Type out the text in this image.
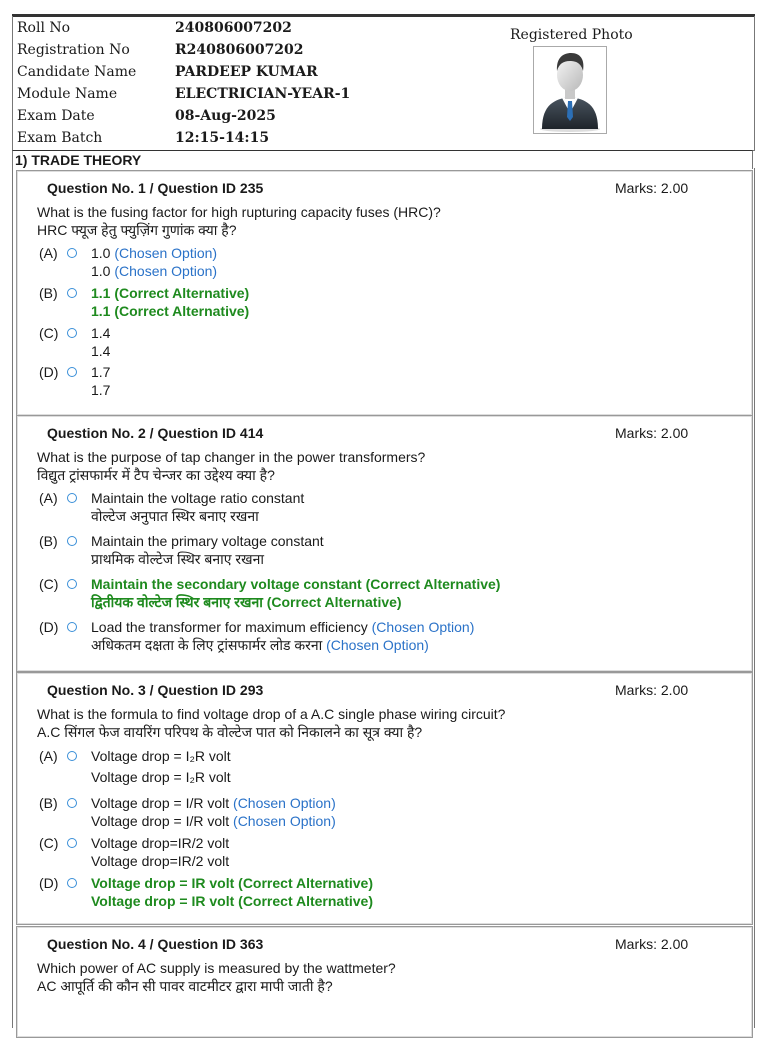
Roll No	240806007202
Registration No	R240806007202
Candidate Name	PARDEEP KUMAR
Module Name	ELECTRICIAN-YEAR-1
Exam Date	08-Aug-2025
Exam Batch	12:15-14:15
Registered Photo
1) TRADE THEORY
Question No. 1 / Question ID 235	Marks: 2.00
What is the fusing factor for high rupturing capacity fuses (HRC)?
HRC फ्यूज हेतु फ्युज़िंग गुणांक क्या है?
(A) 1.0 (Chosen Option)
1.0 (Chosen Option)
(B) 1.1 (Correct Alternative)
1.1 (Correct Alternative)
(C) 1.4
1.4
(D) 1.7
1.7
Question No. 2 / Question ID 414	Marks: 2.00
What is the purpose of tap changer in the power transformers?
विद्युत ट्रांसफार्मर में टैप चेन्जर का उद्देश्य क्या है?
(A) Maintain the voltage ratio constant
वोल्टेज अनुपात स्थिर बनाए रखना
(B) Maintain the primary voltage constant
प्राथमिक वोल्टेज स्थिर बनाए रखना
(C) Maintain the secondary voltage constant (Correct Alternative)
द्वितीयक वोल्टेज स्थिर बनाए रखना (Correct Alternative)
(D) Load the transformer for maximum efficiency (Chosen Option)
अधिकतम दक्षता के लिए ट्रांसफार्मर लोड करना (Chosen Option)
Question No. 3 / Question ID 293	Marks: 2.00
What is the formula to find voltage drop of a A.C single phase wiring circuit?
A.C सिंगल फेज वायरिंग परिपथ के वोल्टेज पात को निकालने का सूत्र क्या है?
(A) Voltage drop = I₂R volt
Voltage drop = I₂R volt
(B) Voltage drop = I/R volt (Chosen Option)
Voltage drop = I/R volt (Chosen Option)
(C) Voltage drop=IR/2 volt
Voltage drop=IR/2 volt
(D) Voltage drop = IR volt (Correct Alternative)
Voltage drop = IR volt (Correct Alternative)
Question No. 4 / Question ID 363	Marks: 2.00
Which power of AC supply is measured by the wattmeter?
AC आपूर्ति की कौन सी पावर वाटमीटर द्वारा मापी जाती है?
